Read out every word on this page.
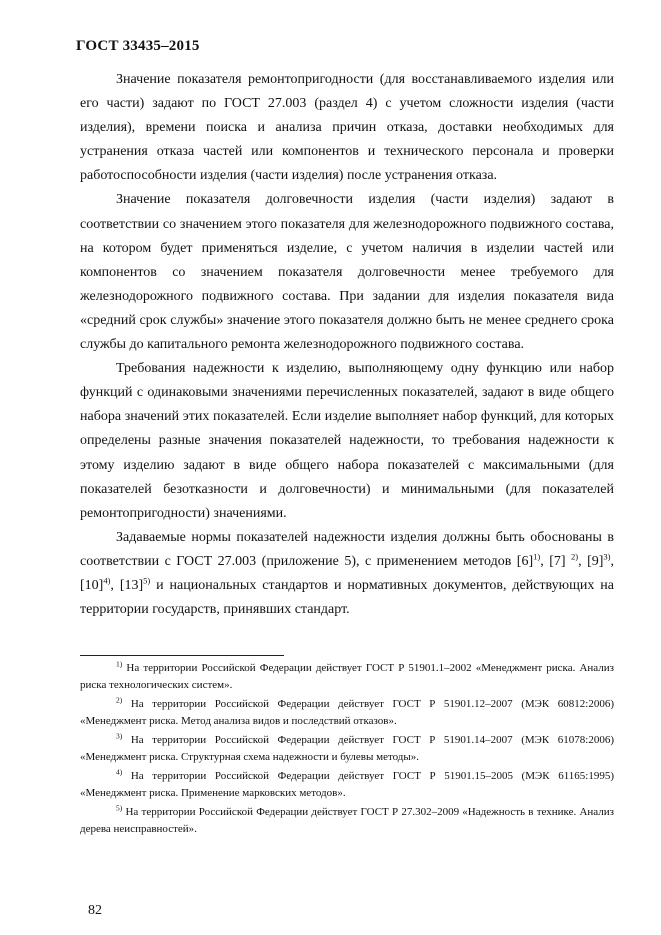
ГОСТ 33435–2015

Значение показателя ремонтопригодности (для восстанавливаемого изделия или его части) задают по ГОСТ 27.003 (раздел 4) с учетом сложности изделия (части изделия), времени поиска и анализа причин отказа, доставки необходимых для устранения отказа частей или компонентов и технического персонала и проверки работоспособности изделия (части изделия) после устранения отказа.

Значение показателя долговечности изделия (части изделия) задают в соответствии со значением этого показателя для железнодорожного подвижного состава, на котором будет применяться изделие, с учетом наличия в изделии частей или компонентов со значением показателя долговечности менее требуемого для железнодорожного подвижного состава. При задании для изделия показателя вида «средний срок службы» значение этого показателя должно быть не менее среднего срока службы до капитального ремонта железнодорожного подвижного состава.

Требования надежности к изделию, выполняющему одну функцию или набор функций с одинаковыми значениями перечисленных показателей, задают в виде общего набора значений этих показателей. Если изделие выполняет набор функций, для которых определены разные значения показателей надежности, то требования надежности к этому изделию задают в виде общего набора показателей с максимальными (для показателей безотказности и долговечности) и минимальными (для показателей ремонтопригодности) значениями.

Задаваемые нормы показателей надежности изделия должны быть обоснованы в соответствии с ГОСТ 27.003 (приложение 5), с применением методов $[6]^{1)}$, [7] $^{2)}$, $[9]^{3)}$, $[10]^{4)}$, $[13]^{5)}$ и национальных стандартов и нормативных документов, действующих на территории государств, принявших стандарт.

$^{1)}$ На территории Российской Федерации действует ГОСТ Р 51901.1–2002 «Менеджмент риска. Анализ риска технологических систем».

$^{2)}$ На территории Российской Федерации действует ГОСТ Р 51901.12–2007 (МЭК 60812:2006) «Менеджмент риска. Метод анализа видов и последствий отказов».

$^{3)}$ На территории Российской Федерации действует ГОСТ Р 51901.14–2007 (МЭК 61078:2006) «Менеджмент риска. Структурная схема надежности и булевы методы».

$^{4)}$ На территории Российской Федерации действует ГОСТ Р 51901.15–2005 (МЭК 61165:1995) «Менеджмент риска. Применение марковских методов».

$^{5)}$ На территории Российской Федерации действует ГОСТ Р 27.302–2009 «Надежность в технике. Анализ дерева неисправностей».

82
